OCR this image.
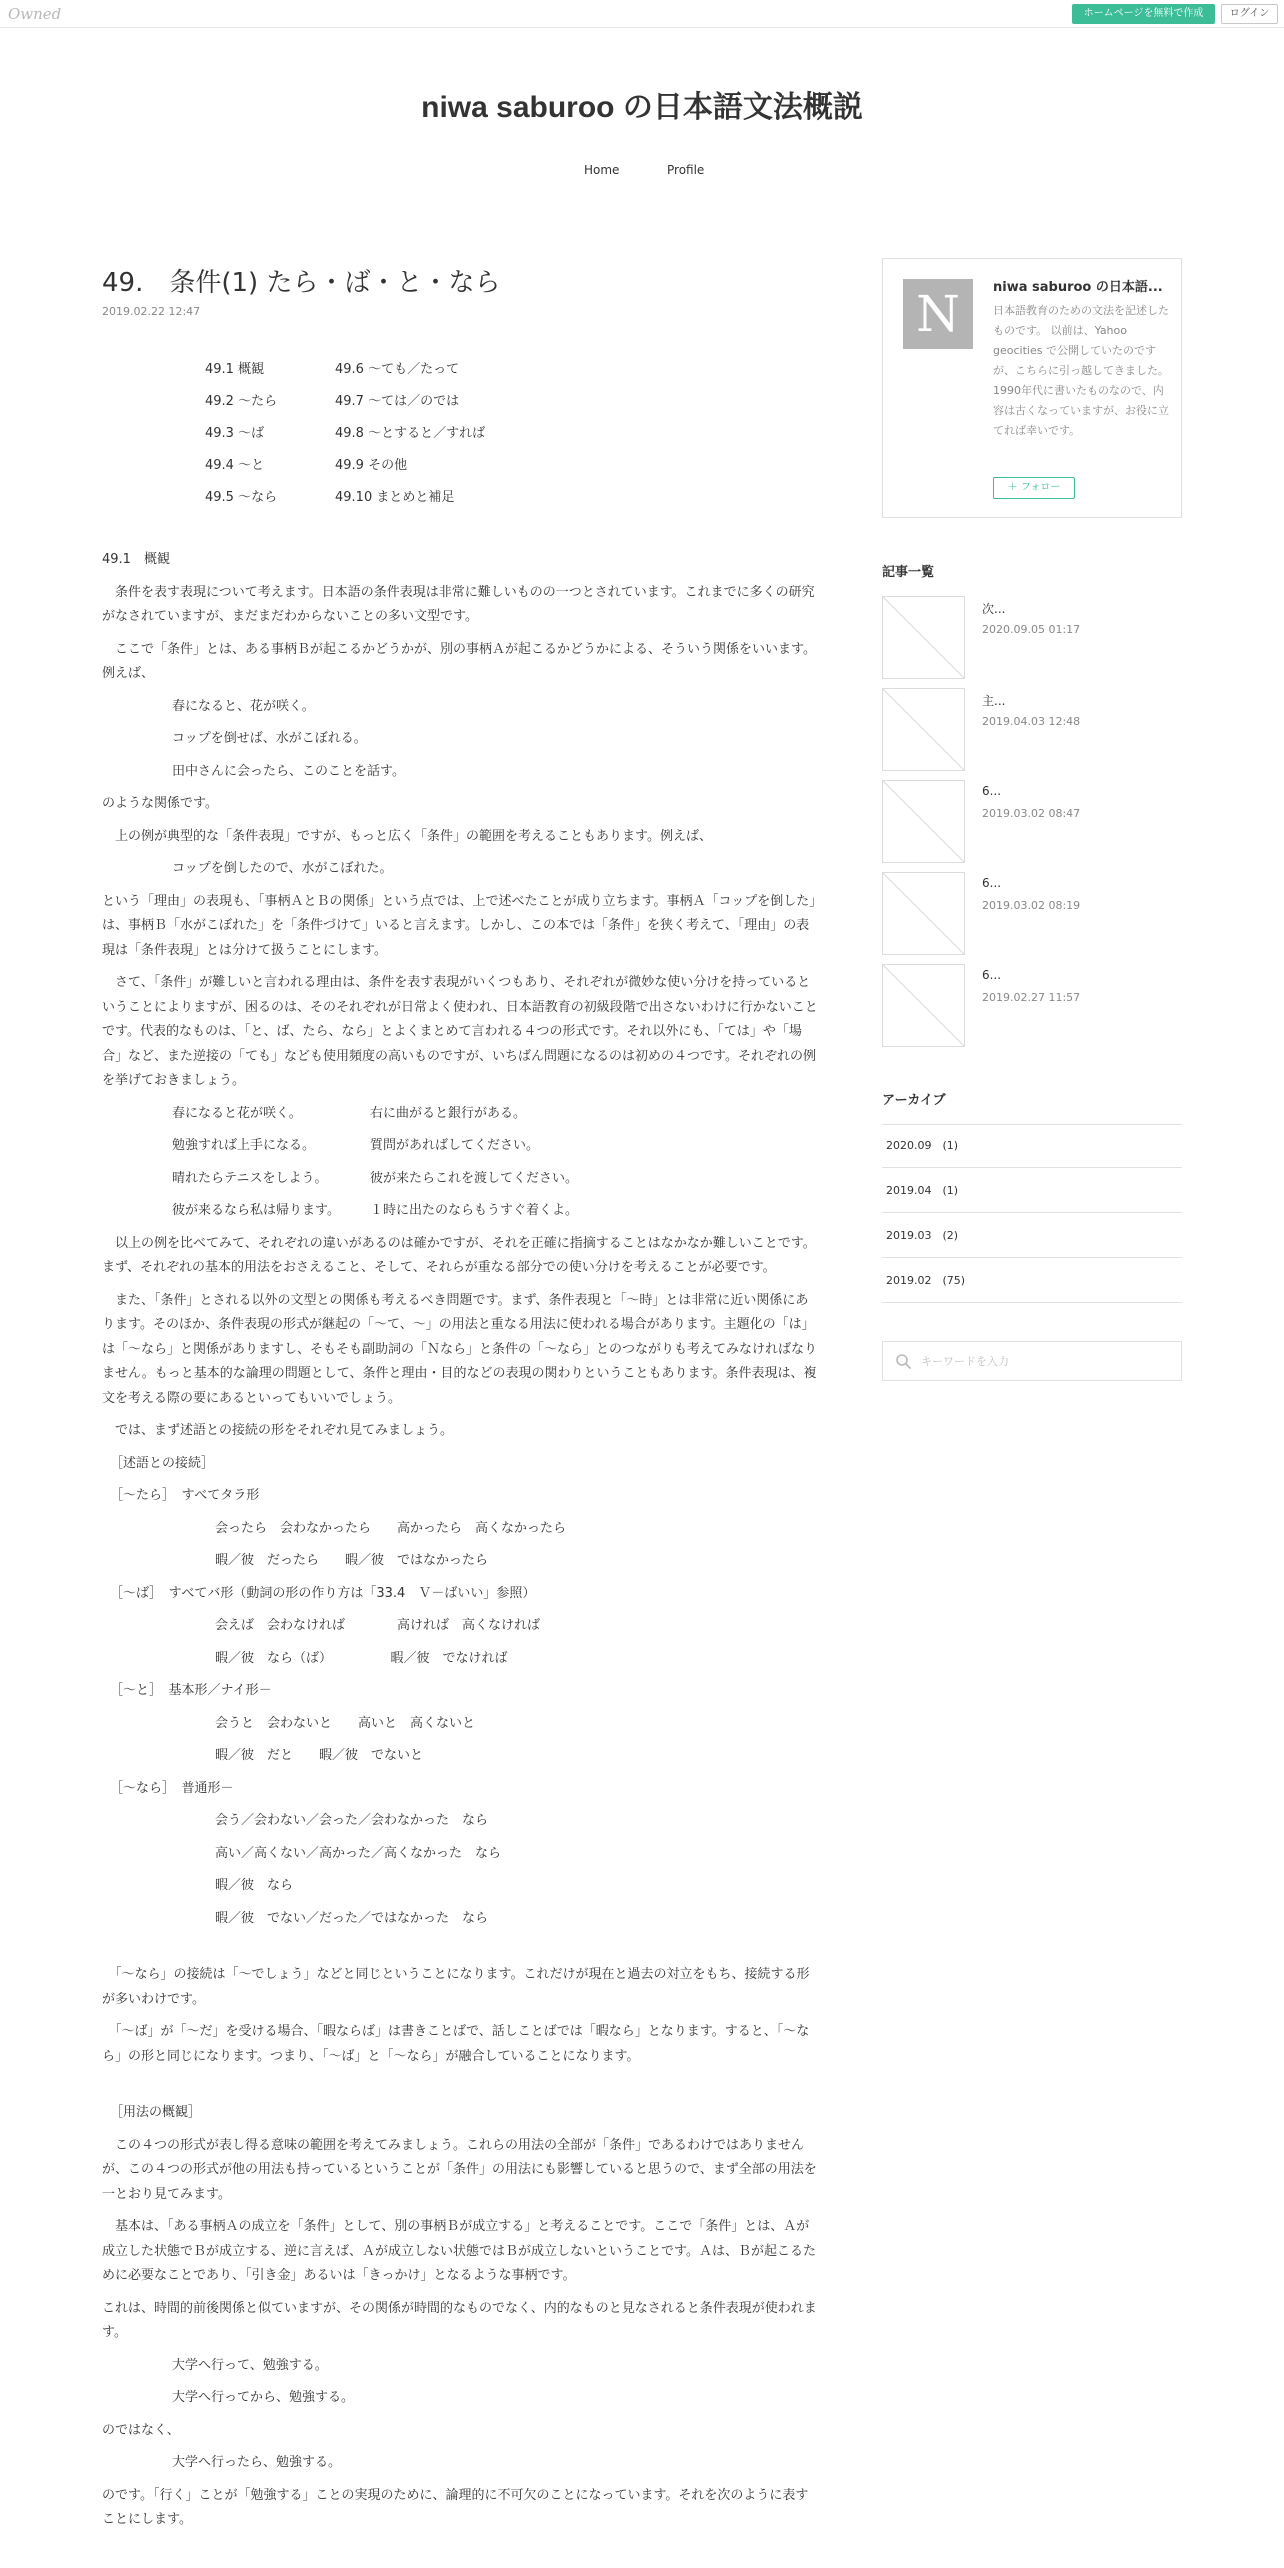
Owned	ホームページを無料で作成	ログイン
niwa saburoo の日本語文法概説
Home	Profile
49.　条件(1) たら・ば・と・なら
2019.02.22 12:47
49.1 概観	49.6 ～ても／たって
49.2 ～たら	49.7 ～ては／のでは
49.3 ～ば	49.8 ～とすると／すれば
49.4 ～と	49.9 その他
49.5 ～なら	49.10 まとめと補足

49.1　概観

　条件を表す表現について考えます。日本語の条件表現は非常に難しいものの一つとされています。これまでに多くの研究がなされていますが、まだまだわからないことの多い文型です。

　ここで「条件」とは、ある事柄Ｂが起こるかどうかが、別の事柄Ａが起こるかどうかによる、そういう関係をいいます。例えば、

春になると、花が咲く。

コップを倒せば、水がこぼれる。

田中さんに会ったら、このことを話す。

のような関係です。

　上の例が典型的な「条件表現」ですが、もっと広く「条件」の範囲を考えることもあります。例えば、

コップを倒したので、水がこぼれた。

という「理由」の表現も、「事柄ＡとＢの関係」という点では、上で述べたことが成り立ちます。事柄Ａ「コップを倒した」は、事柄Ｂ「水がこぼれた」を「条件づけて」いると言えます。しかし、この本では「条件」を狭く考えて、「理由」の表現は「条件表現」とは分けて扱うことにします。

　さて、「条件」が難しいと言われる理由は、条件を表す表現がいくつもあり、それぞれが微妙な使い分けを持っているということによりますが、困るのは、そのそれぞれが日常よく使われ、日本語教育の初級段階で出さないわけに行かないことです。代表的なものは、「と、ば、たら、なら」とよくまとめて言われる４つの形式です。それ以外にも、「ては」や「場合」など、また逆接の「ても」なども使用頻度の高いものですが、いちばん問題になるのは初めの４つです。それぞれの例を挙げておきましょう。

春になると花が咲く。	右に曲がると銀行がある。

勉強すれば上手になる。	質問があればしてください。

晴れたらテニスをしよう。	彼が来たらこれを渡してください。

彼が来るなら私は帰ります。	１時に出たのならもうすぐ着くよ。

　以上の例を比べてみて、それぞれの違いがあるのは確かですが、それを正確に指摘することはなかなか難しいことです。まず、それぞれの基本的用法をおさえること、そして、それらが重なる部分での使い分けを考えることが必要です。

　また、「条件」とされる以外の文型との関係も考えるべき問題です。まず、条件表現と「～時」とは非常に近い関係にあります。そのほか、条件表現の形式が継起の「～て、～」の用法と重なる用法に使われる場合があります。主題化の「は」は「～なら」と関係がありますし、そもそも副助詞の「Ｎなら」と条件の「～なら」とのつながりも考えてみなければなりません。もっと基本的な論理の問題として、条件と理由・目的などの表現の関わりということもあります。条件表現は、複文を考える際の要にあるといってもいいでしょう。

　では、まず述語との接続の形をそれぞれ見てみましょう。

［述語との接続］

［～たら］　すべてタラ形

会ったら　会わなかったら　　高かったら　高くなかったら

暇／彼　だったら　　暇／彼　ではなかったら

［～ば］　すべてバ形（動詞の形の作り方は「33.4　Ｖ－ばいい」参照）

会えば　会わなければ　　　　高ければ　高くなければ

暇／彼　なら（ば）　　　　　暇／彼　でなければ

［～と］　基本形／ナイ形－

会うと　会わないと　　高いと　高くないと

暇／彼　だと　　暇／彼　でないと

［～なら］　普通形－

会う／会わない／会った／会わなかった　なら

高い／高くない／高かった／高くなかった　なら

暇／彼　なら

暇／彼　でない／だった／ではなかった　なら

　「～なら」の接続は「～でしょう」などと同じということになります。これだけが現在と過去の対立をもち、接続する形が多いわけです。

　「～ば」が「～だ」を受ける場合、「暇ならば」は書きことばで、話しことばでは「暇なら」となります。すると、「～なら」の形と同じになります。つまり、「～ば」と「～なら」が融合していることになります。

［用法の概観］

　この４つの形式が表し得る意味の範囲を考えてみましょう。これらの用法の全部が「条件」であるわけではありませんが、この４つの形式が他の用法も持っているということが「条件」の用法にも影響していると思うので、まず全部の用法を一とおり見てみます。

　基本は、「ある事柄Ａの成立を「条件」として、別の事柄Ｂが成立する」と考えることです。ここで「条件」とは、Ａが成立した状態でＢが成立する、逆に言えば、Ａが成立しない状態ではＢが成立しないということです。Ａは、Ｂが起こるために必要なことであり、「引き金」あるいは「きっかけ」となるような事柄です。

これは、時間的前後関係と似ていますが、その関係が時間的なものでなく、内的なものと見なされると条件表現が使われます。

大学へ行って、勉強する。

大学へ行ってから、勉強する。

のではなく、

大学へ行ったら、勉強する。

のです。「行く」ことが「勉強する」ことの実現のために、論理的に不可欠のことになっています。それを次のように表すことにします。

N	niwa saburoo の日本語...
日本語教育のための文法を記述したものです。 以前は、Yahoo geocities で公開していたのですが、こちらに引っ越してきました。 1990年代に書いたものなので、内容は古くなっていますが、お役に立てれば幸いです。
＋ フォロー
記事一覧
次...
2020.09.05 01:17
主...
2019.04.03 12:48
6...
2019.03.02 08:47
6...
2019.03.02 08:19
6...
2019.02.27 11:57
アーカイブ
2020.09　(1)
2019.04　(1)
2019.03　(2)
2019.02　(75)
キーワードを入力
